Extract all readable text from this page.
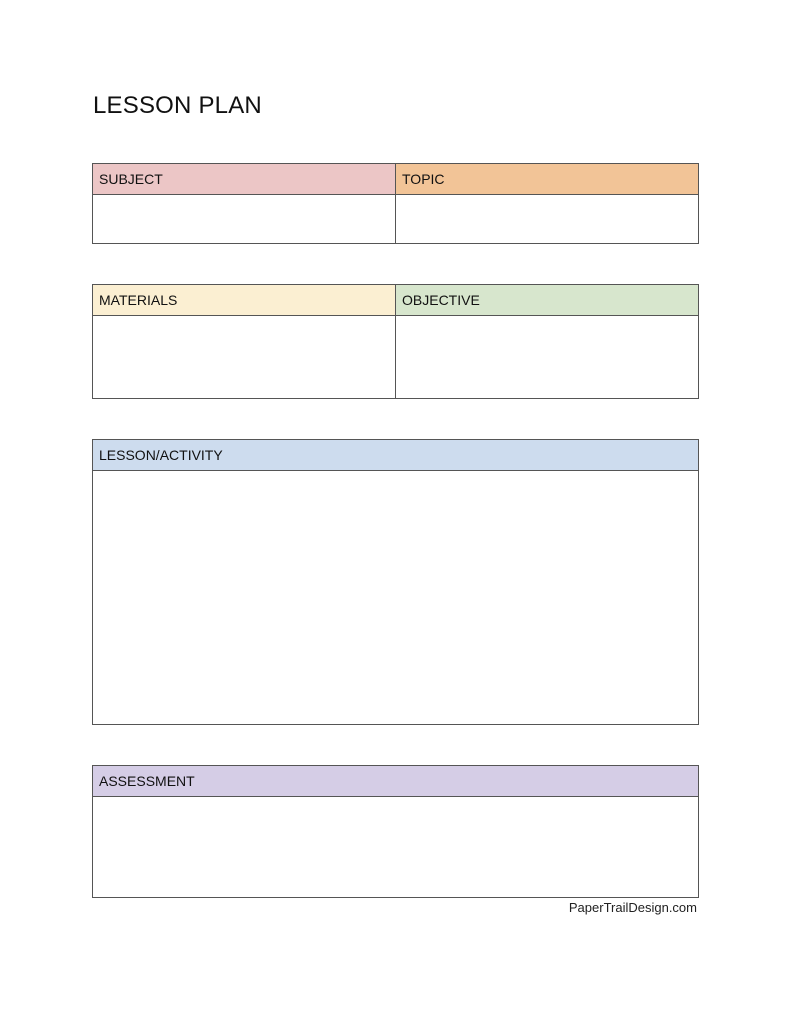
LESSON PLAN
SUBJECT	TOPIC
MATERIALS	OBJECTIVE
LESSON/ACTIVITY
ASSESSMENT
PaperTrailDesign.com
